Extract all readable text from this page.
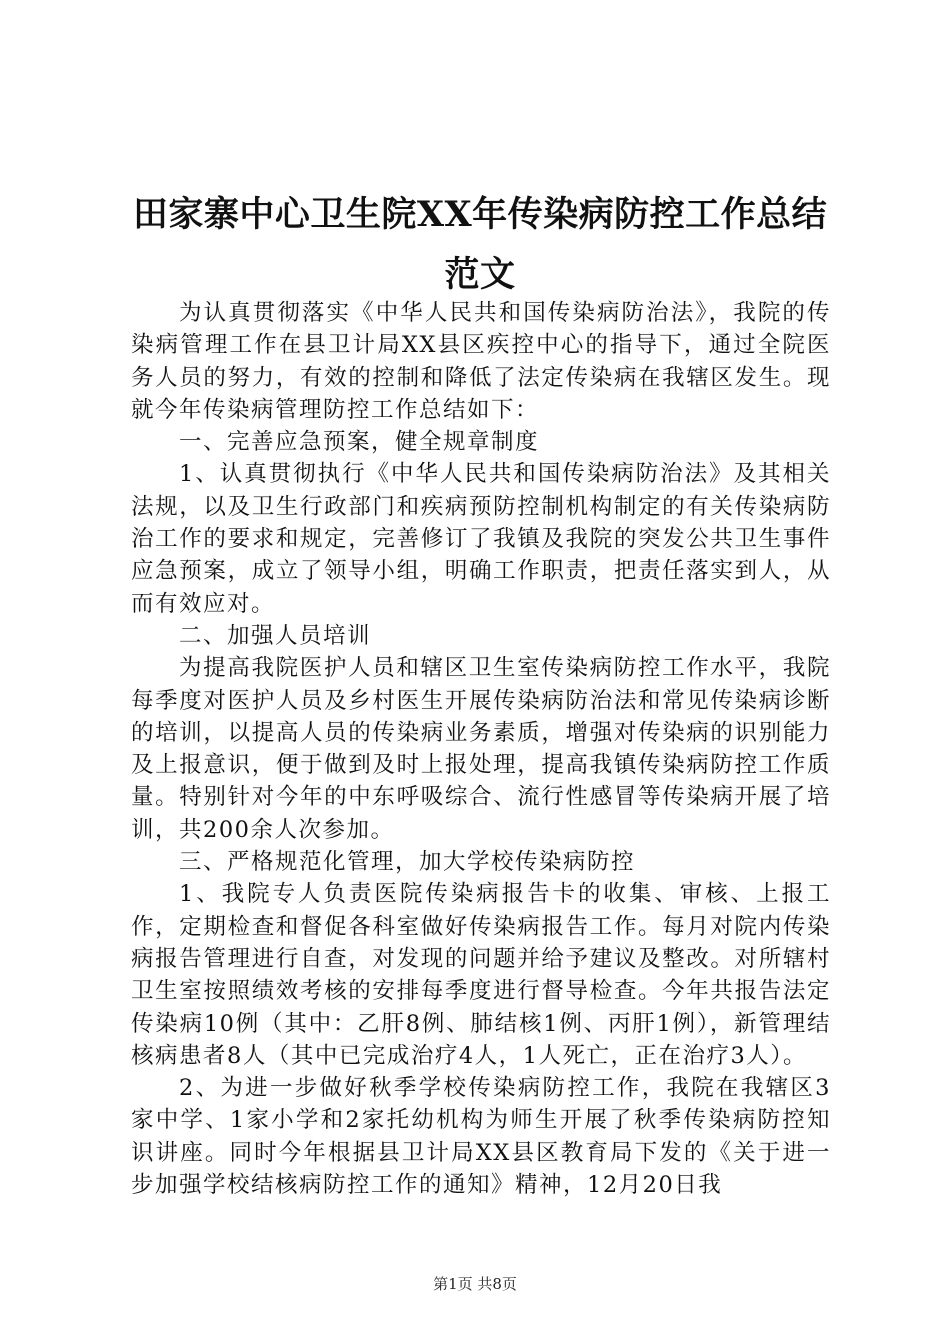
田家寨中心卫生院XX年传染病防控工作总结
范文

为认真贯彻落实《中华人民共和国传染病防治法》，我院的传染病管理工作在县卫计局XX县区疾控中心的指导下，通过全院医务人员的努力，有效的控制和降低了法定传染病在我辖区发生。现就今年传染病管理防控工作总结如下：

一、完善应急预案，健全规章制度

1、认真贯彻执行《中华人民共和国传染病防治法》及其相关法规，以及卫生行政部门和疾病预防控制机构制定的有关传染病防治工作的要求和规定，完善修订了我镇及我院的突发公共卫生事件应急预案，成立了领导小组，明确工作职责，把责任落实到人，从而有效应对。

二、加强人员培训

为提高我院医护人员和辖区卫生室传染病防控工作水平，我院每季度对医护人员及乡村医生开展传染病防治法和常见传染病诊断的培训，以提高人员的传染病业务素质，增强对传染病的识别能力及上报意识，便于做到及时上报处理，提高我镇传染病防控工作质量。特别针对今年的中东呼吸综合、流行性感冒等传染病开展了培训，共200余人次参加。

三、严格规范化管理，加大学校传染病防控

1、我院专人负责医院传染病报告卡的收集、审核、上报工作，定期检查和督促各科室做好传染病报告工作。每月对院内传染病报告管理进行自查，对发现的问题并给予建议及整改。对所辖村卫生室按照绩效考核的安排每季度进行督导检查。今年共报告法定传染病10例（其中：乙肝8例、肺结核1例、丙肝1例），新管理结核病患者8人（其中已完成治疗4人，1人死亡，正在治疗3人）。

2、为进一步做好秋季学校传染病防控工作，我院在我辖区3家中学、1家小学和2家托幼机构为师生开展了秋季传染病防控知识讲座。同时今年根据县卫计局XX县区教育局下发的《关于进一步加强学校结核病防控工作的通知》精神，12月20日我

第1页 共8页
